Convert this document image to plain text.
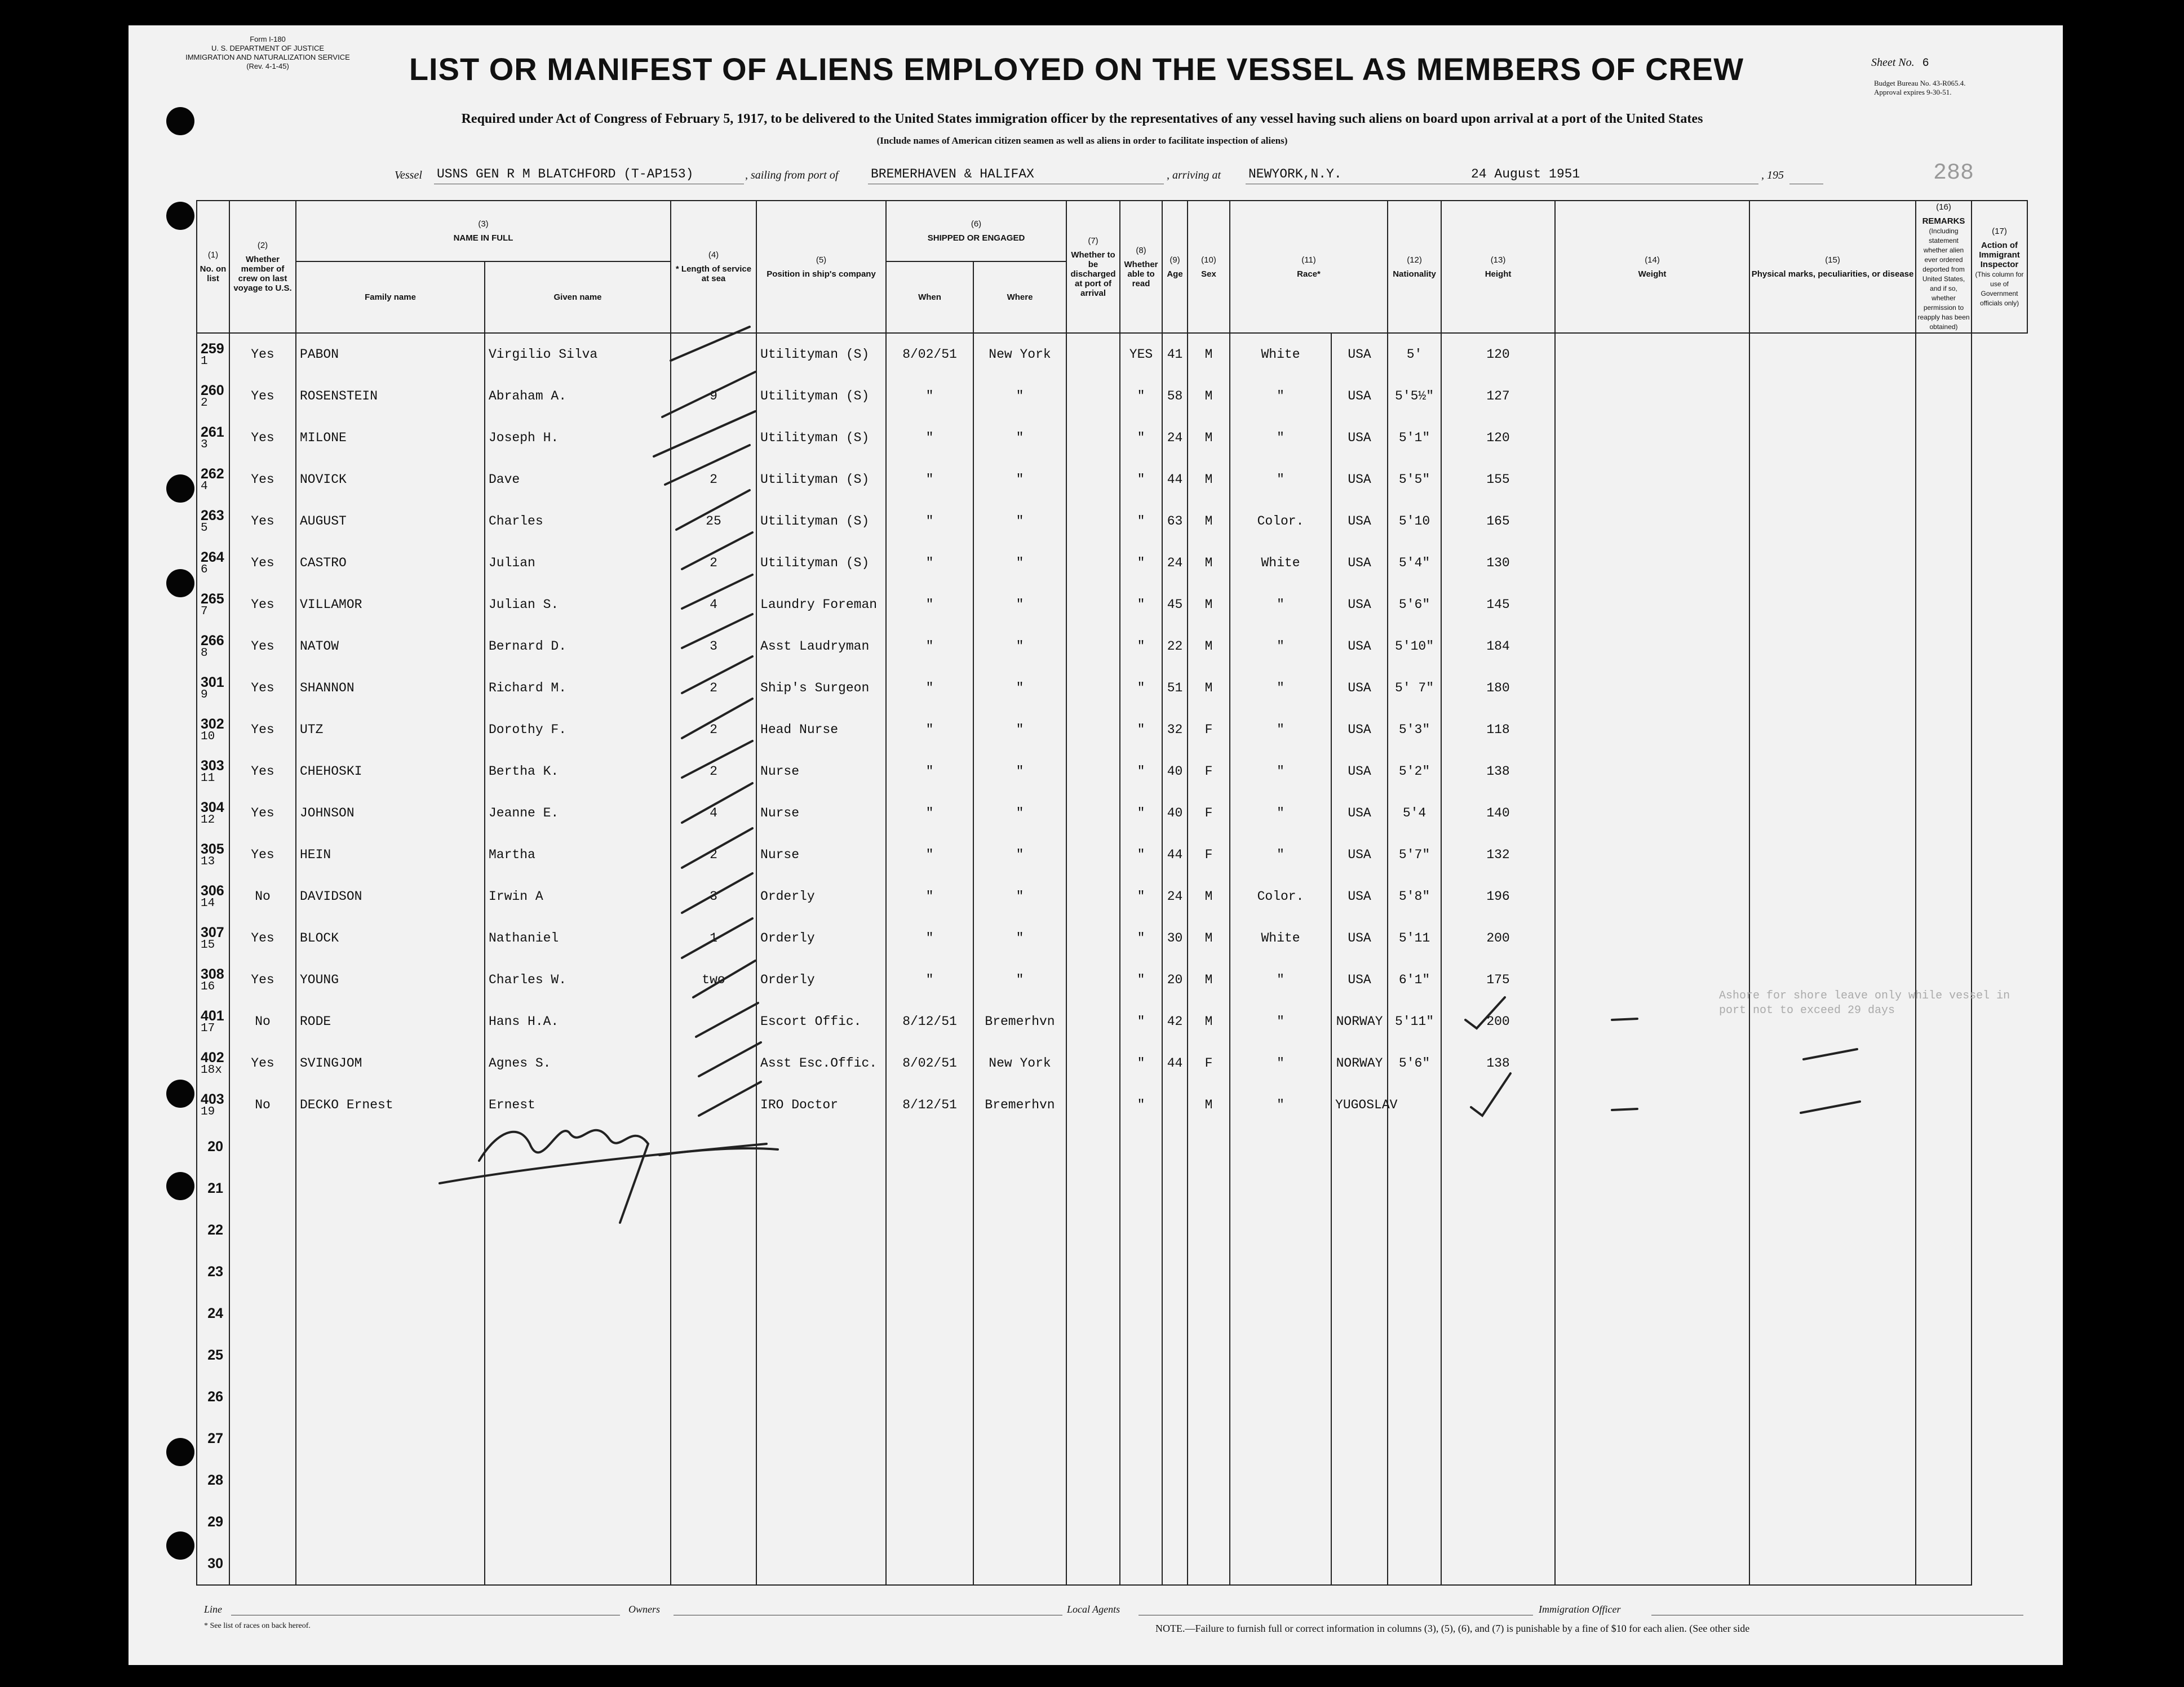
Form I-180
U. S. DEPARTMENT OF JUSTICE
IMMIGRATION AND NATURALIZATION SERVICE
(Rev. 4-1-45)	LIST OR MANIFEST OF ALIENS EMPLOYED ON THE VESSEL AS MEMBERS OF CREW	Sheet No. 6
Budget Bureau No. 43-R065.4.
Approval expires 9-30-51.
Required under Act of Congress of February 5, 1917, to be delivered to the United States immigration officer by the representatives of any vessel having such aliens on board upon arrival at a port of the United States
(Include names of American citizen seamen as well as aliens in order to facilitate inspection of aliens)
Vessel USNS GEN R M BLATCHFORD (T-AP153)	, sailing from port of	BREMERHAVEN & HALIFAX	, arriving at NEWYORK,N.Y.	24 August 1951	, 195	288
(1)
No. on list	(2)
Whether member of crew on last voyage to U.S.	(3)
NAME IN FULL		(4)
* Length of service at sea	(5)
Position in ship's company	(6)
SHIPPED OR ENGAGED		(7)
Whether to be discharged at port of arrival	(8)
Whether able to read	(9)
Age	(10)
Sex	(11)
Race*		(12)
Nationality	(13)
Height	(14)
Weight	(15)
Physical marks, peculiarities, or disease	(16)
REMARKS
(Including statement whether alien ever ordered deported from United States, and if so, whether permission to reapply has been obtained)	(17)
Action of Immigrant Inspector
(This column for use of Government officials only)
		Family name	Given name			When	Where												
259
1	Yes	PABON	Virgilio Silva		Utilityman (S)	8/02/51	New York		YES	41	M	White	USA	5'	120				
260
2	Yes	ROSENSTEIN	Abraham A.	9	Utilityman (S)	"	"		"	58	M	"	USA	5'5½"	127				
261
3	Yes	MILONE	Joseph H.		Utilityman (S)	"	"		"	24	M	"	USA	5'1"	120				
262
4	Yes	NOVICK	Dave	2	Utilityman (S)	"	"		"	44	M	"	USA	5'5"	155				
263
5	Yes	AUGUST	Charles	25	Utilityman (S)	"	"		"	63	M	Color.	USA	5'10	165				
264
6	Yes	CASTRO	Julian	2	Utilityman (S)	"	"		"	24	M	White	USA	5'4"	130				
265
7	Yes	VILLAMOR	Julian S.	4	Laundry Foreman	"	"		"	45	M	"	USA	5'6"	145				
266
8	Yes	NATOW	Bernard D.	3	Asst Laudryman	"	"		"	22	M	"	USA	5'10"	184				
301
9	Yes	SHANNON	Richard M.	2	Ship's Surgeon	"	"		"	51	M	"	USA	5' 7"	180				
302
10	Yes	UTZ	Dorothy F.	2	Head Nurse	"	"		"	32	F	"	USA	5'3"	118				
303
11	Yes	CHEHOSKI	Bertha K.	2	Nurse	"	"		"	40	F	"	USA	5'2"	138				
304
12	Yes	JOHNSON	Jeanne E.	4	Nurse	"	"		"	40	F	"	USA	5'4	140				
305
13	Yes	HEIN	Martha	2	Nurse	"	"		"	44	F	"	USA	5'7"	132				
306
14	No	DAVIDSON	Irwin A	3	Orderly	"	"		"	24	M	Color.	USA	5'8"	196				
307
15	Yes	BLOCK	Nathaniel	1	Orderly	"	"		"	30	M	White	USA	5'11	200				
308
16	Yes	YOUNG	Charles W.	two	Orderly	"	"		"	20	M	"	USA	6'1"	175				
401
17	No	RODE	Hans H.A.		Escort Offic.	8/12/51	Bremerhvn		"	42	M	"	NORWAY	5'11"	200				
402
18x	Yes	SVINGJOM	Agnes S.		Asst Esc.Offic.	8/02/51	New York		"	44	F	"	NORWAY	5'6"	138				
403
19	No	DECKO Ernest	Ernest		IRO Doctor	8/12/51	Bremerhvn		"		M	"	YUGOSLAV						
20																			
21																			
22																			
23																			
24																			
25																			
26																			
27																			
28																			
29																			
30																			
Ashore for shore leave only while vessel in port not to exceed 29 days
Line	Owners	Local Agents	Immigration Officer
* See list of races on back hereof.	NOTE.—Failure to furnish full or correct information in columns (3), (5), (6), and (7) is punishable by a fine of $10 for each alien. (See other side
